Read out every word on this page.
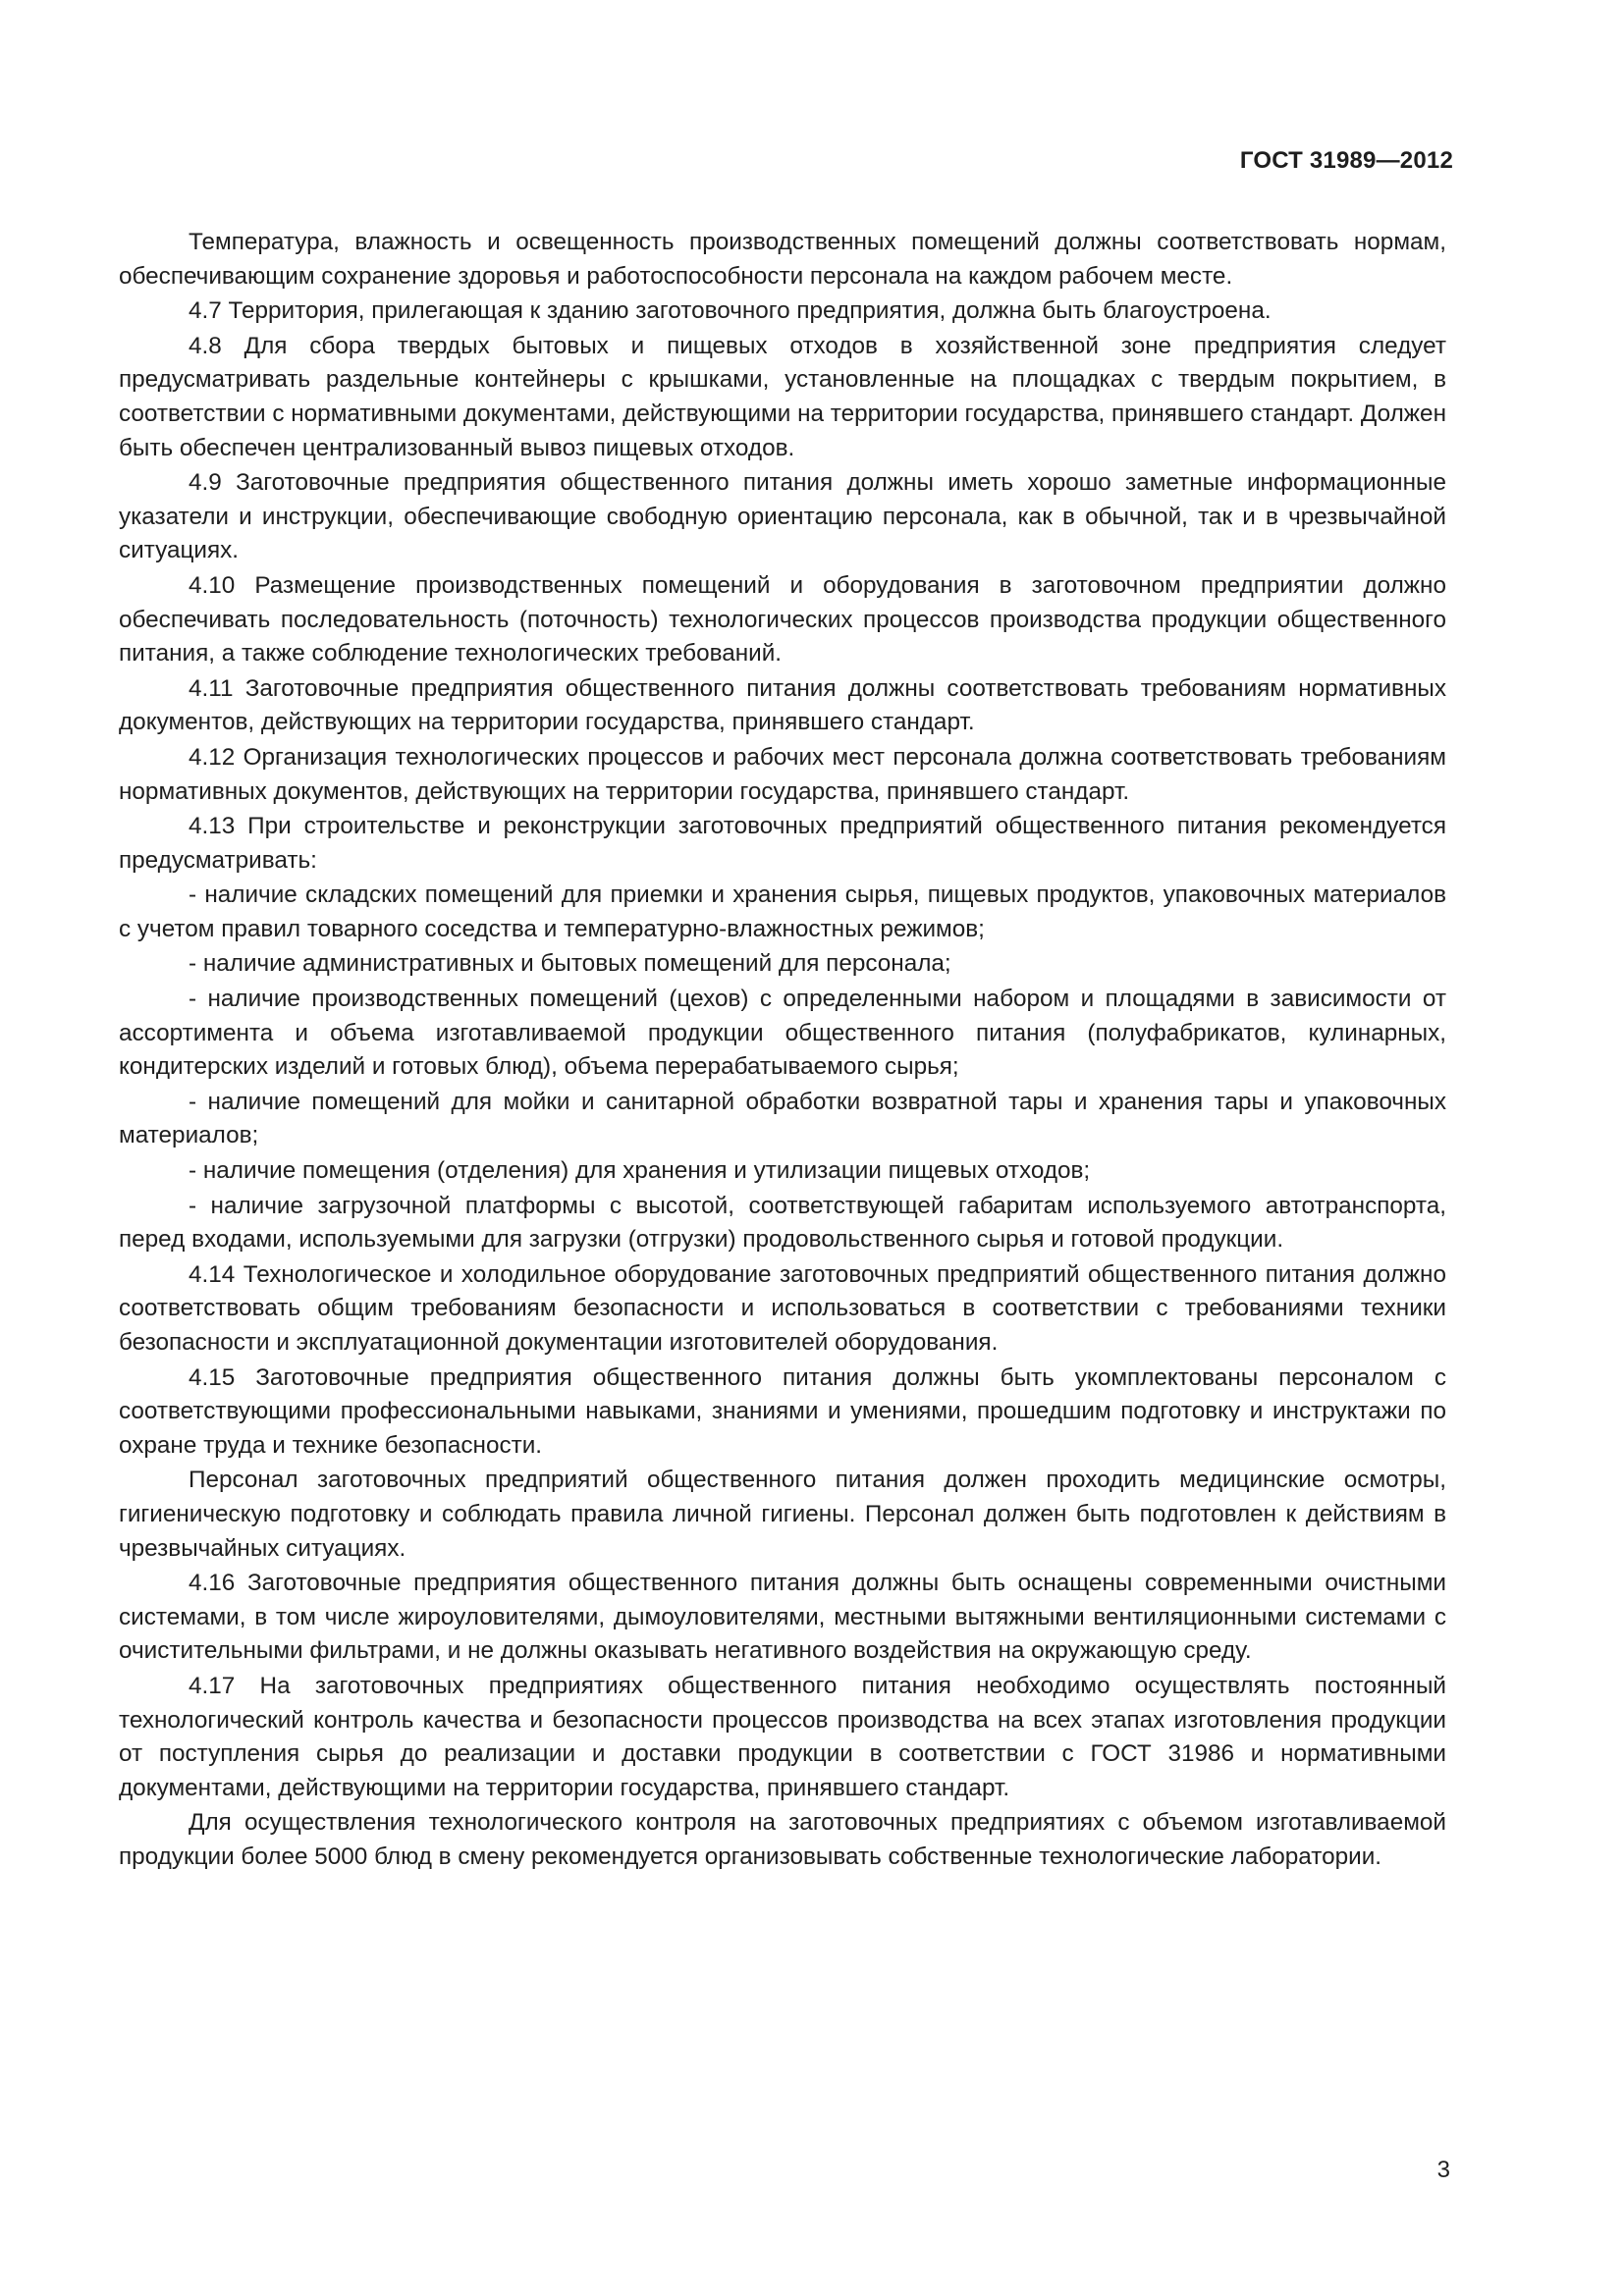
ГОСТ 31989—2012

Температура, влажность и освещенность производственных помещений должны соответствовать нормам, обеспечивающим сохранение здоровья и работоспособности персонала на каждом рабочем месте.

4.7 Территория, прилегающая к зданию заготовочного предприятия, должна быть благоустроена.

4.8 Для сбора твердых бытовых и пищевых отходов в хозяйственной зоне предприятия следует предусматривать раздельные контейнеры с крышками, установленные на площадках с твердым покрытием, в соответствии с нормативными документами, действующими на территории государства, принявшего стандарт. Должен быть обеспечен централизованный вывоз пищевых отходов.

4.9 Заготовочные предприятия общественного питания должны иметь хорошо заметные информационные указатели и инструкции, обеспечивающие свободную ориентацию персонала, как в обычной, так и в чрезвычайной ситуациях.

4.10 Размещение производственных помещений и оборудования в заготовочном предприятии должно обеспечивать последовательность (поточность) технологических процессов производства продукции общественного питания, а также соблюдение технологических требований.

4.11 Заготовочные предприятия общественного питания должны соответствовать требованиям нормативных документов, действующих на территории государства, принявшего стандарт.

4.12 Организация технологических процессов и рабочих мест персонала должна соответствовать требованиям нормативных документов, действующих на территории государства, принявшего стандарт.

4.13 При строительстве и реконструкции заготовочных предприятий общественного питания рекомендуется предусматривать:

- наличие складских помещений для приемки и хранения сырья, пищевых продуктов, упаковочных материалов с учетом правил товарного соседства и температурно-влажностных режимов;

- наличие административных и бытовых помещений для персонала;

- наличие производственных помещений (цехов) с определенными набором и площадями в зависимости от ассортимента и объема изготавливаемой продукции общественного питания (полуфабрикатов, кулинарных, кондитерских изделий и готовых блюд), объема перерабатываемого сырья;

- наличие помещений для мойки и санитарной обработки возвратной тары и хранения тары и упаковочных материалов;

- наличие помещения (отделения) для хранения и утилизации пищевых отходов;

- наличие загрузочной платформы с высотой, соответствующей габаритам используемого автотранспорта, перед входами, используемыми для загрузки (отгрузки) продовольственного сырья и готовой продукции.

4.14 Технологическое и холодильное оборудование заготовочных предприятий общественного питания должно соответствовать общим требованиям безопасности и использоваться в соответствии с требованиями техники безопасности и эксплуатационной документации изготовителей оборудования.

4.15 Заготовочные предприятия общественного питания должны быть укомплектованы персоналом с соответствующими профессиональными навыками, знаниями и умениями, прошедшим подготовку и инструктажи по охране труда и технике безопасности.

Персонал заготовочных предприятий общественного питания должен проходить медицинские осмотры, гигиеническую подготовку и соблюдать правила личной гигиены. Персонал должен быть подготовлен к действиям в чрезвычайных ситуациях.

4.16 Заготовочные предприятия общественного питания должны быть оснащены современными очистными системами, в том числе жироуловителями, дымоуловителями, местными вытяжными вентиляционными системами с очистительными фильтрами, и не должны оказывать негативного воздействия на окружающую среду.

4.17 На заготовочных предприятиях общественного питания необходимо осуществлять постоянный технологический контроль качества и безопасности процессов производства на всех этапах изготовления продукции от поступления сырья до реализации и доставки продукции в соответствии с ГОСТ 31986 и нормативными документами, действующими на территории государства, принявшего стандарт.

Для осуществления технологического контроля на заготовочных предприятиях с объемом изготавливаемой продукции более 5000 блюд в смену рекомендуется организовывать собственные технологические лаборатории.

3
